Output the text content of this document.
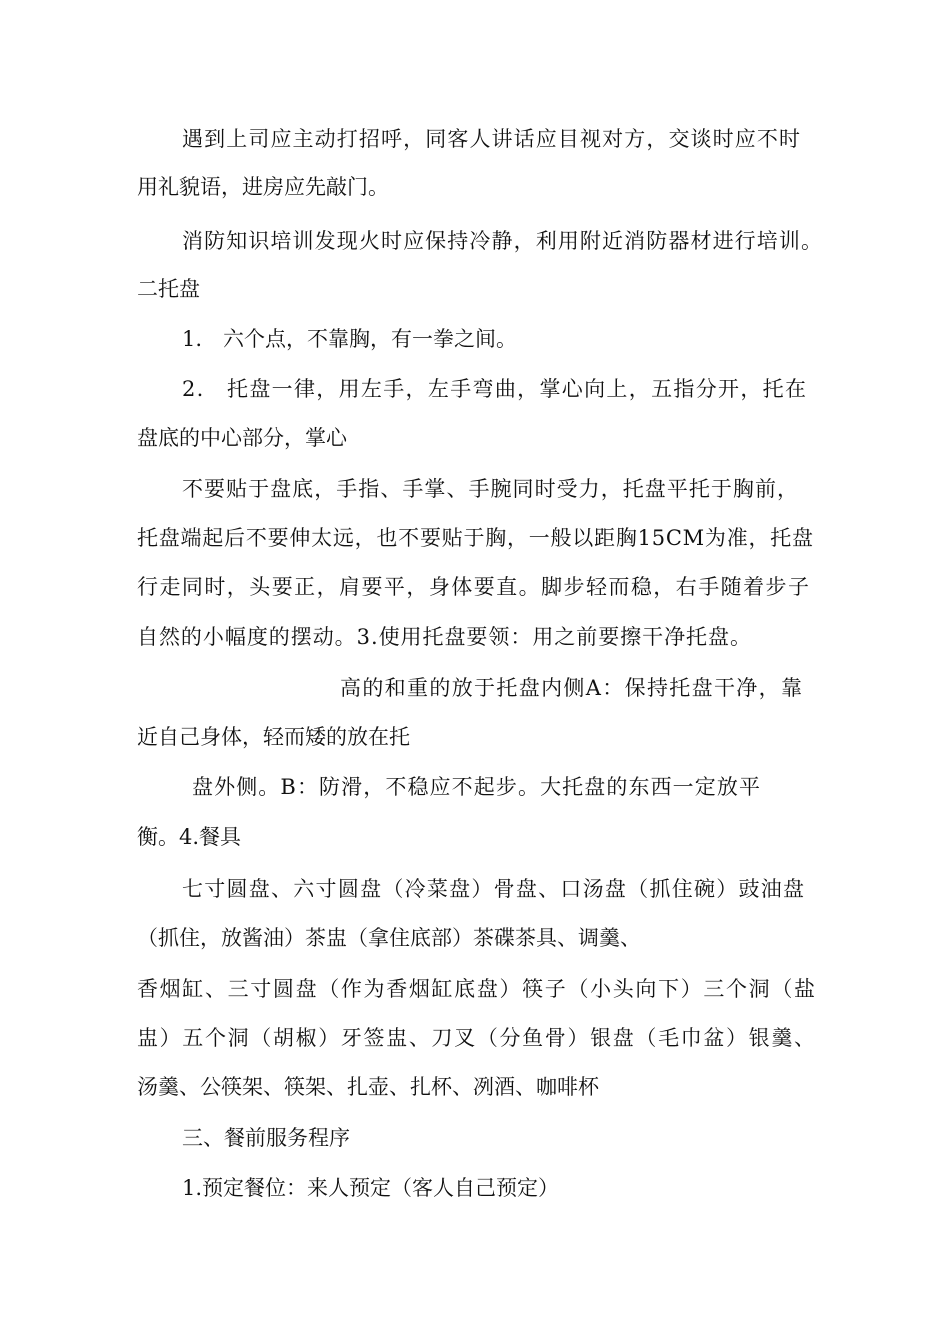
遇到上司应主动打招呼，同客人讲话应目视对方，交谈时应不时

用礼貌语，进房应先敲门。

消防知识培训发现火时应保持冷静，利用附近消防器材进行培训。

二托盘

1.　六个点，不靠胸，有一拳之间。

2.　托盘一律，用左手，左手弯曲，掌心向上，五指分开，托在

盘底的中心部分，掌心

不要贴于盘底，手指、手掌、手腕同时受力，托盘平托于胸前，

托盘端起后不要伸太远，也不要贴于胸，一般以距胸15CM为准，托盘

行走同时，头要正，肩要平，身体要直。脚步轻而稳，右手随着步子

自然的小幅度的摆动。3.使用托盘要领：用之前要擦干净托盘。

高的和重的放于托盘内侧A：保持托盘干净，靠

近自己身体，轻而矮的放在托

盘外侧。B：防滑，不稳应不起步。大托盘的东西一定放平

衡。4.餐具

七寸圆盘、六寸圆盘（冷菜盘）骨盘、口汤盘（抓住碗）豉油盘

（抓住，放酱油）茶盅（拿住底部）茶碟茶具、调羹、

香烟缸、三寸圆盘（作为香烟缸底盘）筷子（小头向下）三个洞（盐

盅）五个洞（胡椒）牙签盅、刀叉（分鱼骨）银盘（毛巾盆）银羹、

汤羹、公筷架、筷架、扎壶、扎杯、冽酒、咖啡杯

三、餐前服务程序

1.预定餐位：来人预定（客人自己预定）
